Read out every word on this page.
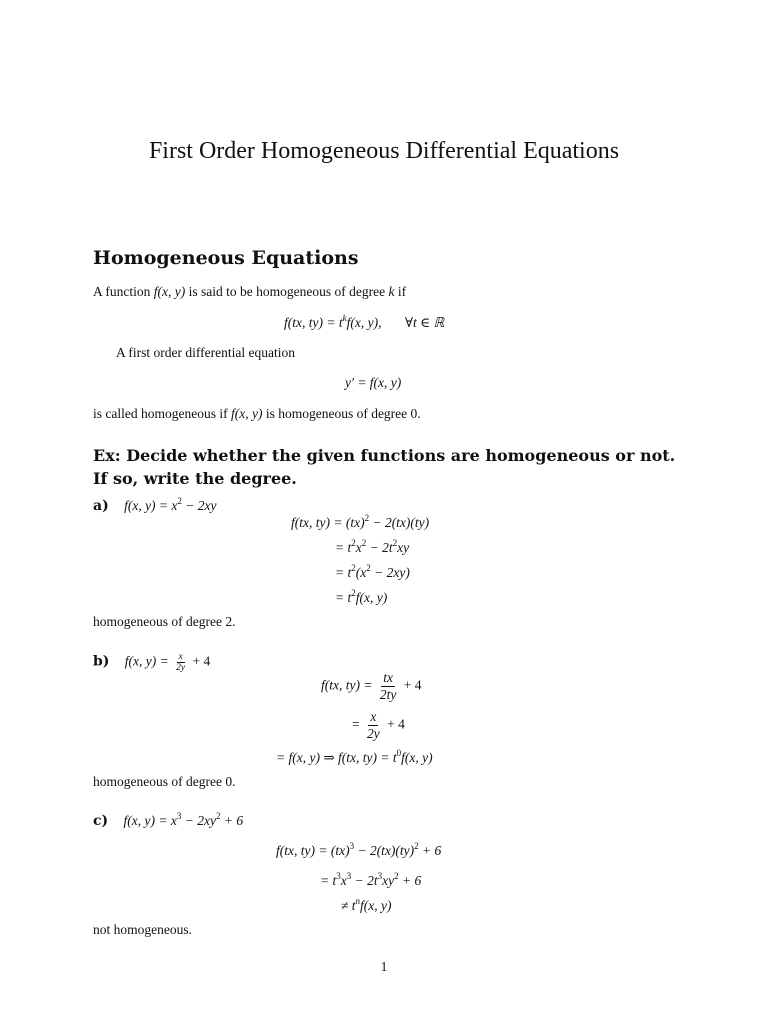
First Order Homogeneous Differential Equations
Homogeneous Equations
A function f(x, y) is said to be homogeneous of degree k if
f(tx, $ty) = t^kf(x$, y), ∀t ∈ ℝ
A first order differential equation
y′ = f(x, y)
is called homogeneous if f(x, y) is homogeneous of degree 0.
Ex: Decide whether the given functions are homogeneous or not.
If so, write the degree.
a) f(x, $y) = x^2 - 2xy$
f(tx, ty) = (tx)$^2$ − 2(tx)(ty)
= $t^2x^2 - 2t^2xy$
= $t^2(x^2 - 2xy)$
= $t^2f(x$, y)
homogeneous of degree 2.
b) f(x, $y) = \frac{x}{2y} + 4$
f(tx, $ty) = \frac{tx}{2ty} + 4$
= $\frac{x}{2y} + 4$
= f(x, y) ⇒ f(tx, $ty) = t^0f(x$, y)
homogeneous of degree 0.
c) f(x, $y) = x^3 - 2xy^2 + 6$
f(tx, ty) = (tx)$^3$ − 2(tx)(ty)$^2$ + 6
= $t^3x^3 - 2t^3xy^2 + 6$
≠ $t^nf(x$, y)
not homogeneous.
1
